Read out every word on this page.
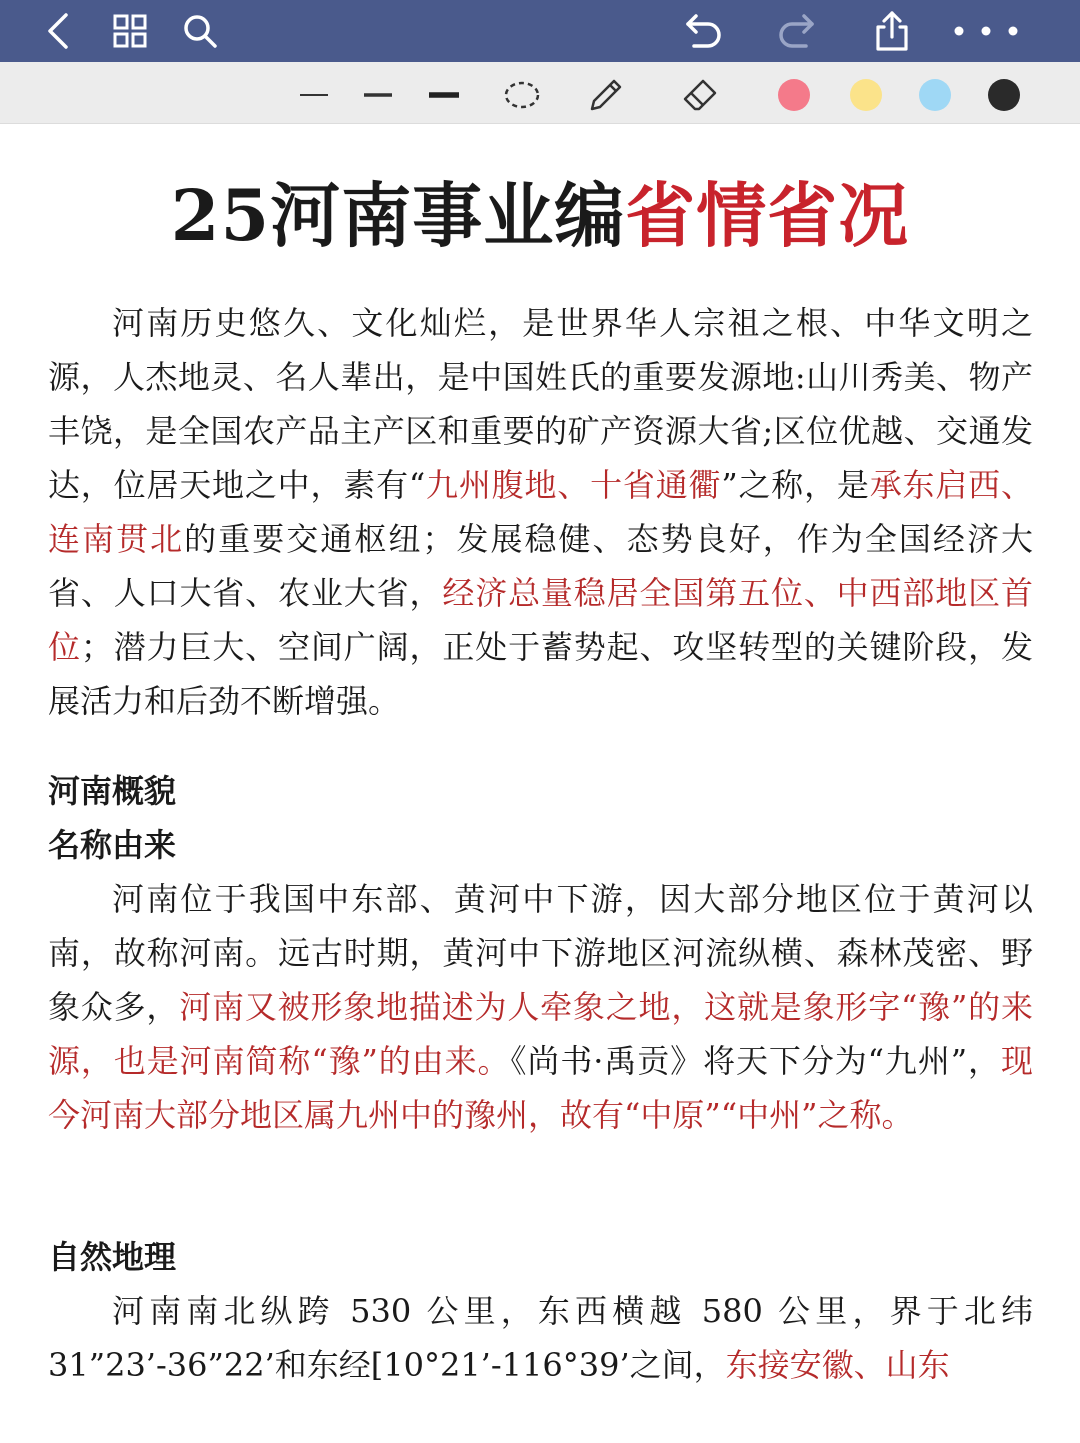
25河南事业编省情省况
河南历史悠久、文化灿烂，是世界华人宗祖之根、中华文明之源，人杰地灵、名人辈出，是中国姓氏的重要发源地:山川秀美、物产丰饶，是全国农产品主产区和重要的矿产资源大省;区位优越、交通发达，位居天地之中，素有“九州腹地、十省通衢”之称，是承东启西、连南贯北的重要交通枢纽；发展稳健、态势良好，作为全国经济大省、人口大省、农业大省，经济总量稳居全国第五位、中西部地区首位；潜力巨大、空间广阔，正处于蓄势起、攻坚转型的关键阶段，发展活力和后劲不断增强。
河南概貌
名称由来
河南位于我国中东部、黄河中下游，因大部分地区位于黄河以南，故称河南。远古时期，黄河中下游地区河流纵横、森林茂密、野象众多，河南又被形象地描述为人牵象之地，这就是象形字“豫”的来源，也是河南简称“豫”的由来。《尚书·禹贡》将天下分为“九州”，现今河南大部分地区属九州中的豫州，故有“中原”“中州”之称。
自然地理
河南南北纵跨 530 公里，东西横越 580 公里，界于北纬 31”23’-36”22’和东经[10°21’-116°39’之间，东接安徽、山东
